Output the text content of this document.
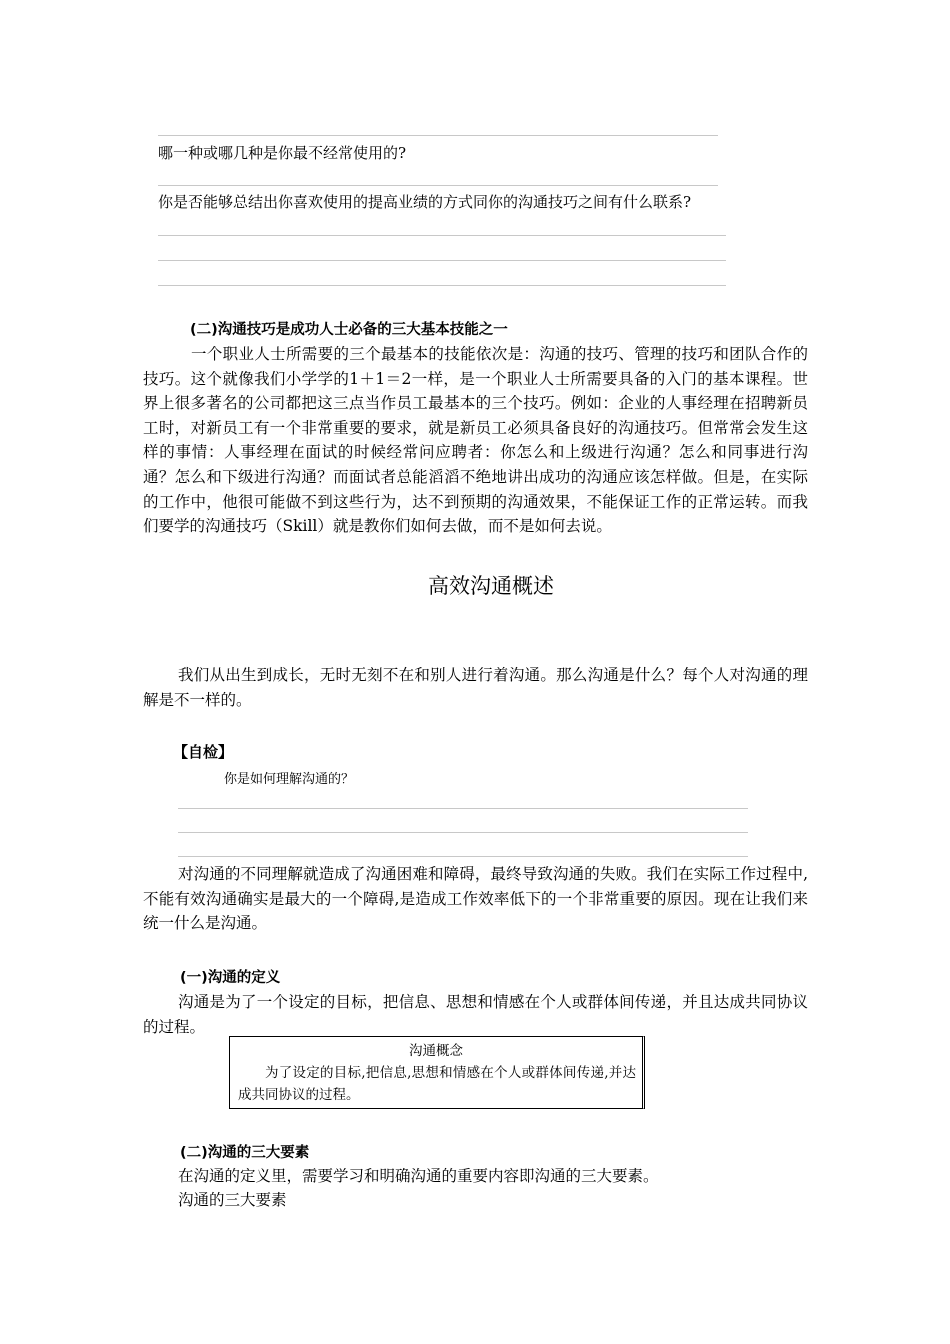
哪一种或哪几种是你最不经常使用的?
你是否能够总结出你喜欢使用的提高业绩的方式同你的沟通技巧之间有什么联系?
(二)沟通技巧是成功人士必备的三大基本技能之一
一个职业人士所需要的三个最基本的技能依次是：沟通的技巧、管理的技巧和团队合作的技巧。这个就像我们小学学的1＋1＝2一样，是一个职业人士所需要具备的入门的基本课程。世界上很多著名的公司都把这三点当作员工最基本的三个技巧。例如：企业的人事经理在招聘新员工时，对新员工有一个非常重要的要求，就是新员工必须具备良好的沟通技巧。但常常会发生这样的事情：人事经理在面试的时候经常问应聘者：你怎么和上级进行沟通？怎么和同事进行沟通？怎么和下级进行沟通？而面试者总能滔滔不绝地讲出成功的沟通应该怎样做。但是，在实际的工作中，他很可能做不到这些行为，达不到预期的沟通效果，不能保证工作的正常运转。而我们要学的沟通技巧（Skill）就是教你们如何去做，而不是如何去说。
高效沟通概述
我们从出生到成长，无时无刻不在和别人进行着沟通。那么沟通是什么？每个人对沟通的理解是不一样的。
【自检】
你是如何理解沟通的？
对沟通的不同理解就造成了沟通困难和障碍，最终导致沟通的失败。我们在实际工作过程中,不能有效沟通确实是最大的一个障碍,是造成工作效率低下的一个非常重要的原因。现在让我们来统一什么是沟通。
(一)沟通的定义
沟通是为了一个设定的目标，把信息、思想和情感在个人或群体间传递，并且达成共同协议的过程。
沟通概念
为了设定的目标,把信息,思想和情感在个人或群体间传递,并达成共同协议的过程。
(二)沟通的三大要素
在沟通的定义里，需要学习和明确沟通的重要内容即沟通的三大要素。
沟通的三大要素
